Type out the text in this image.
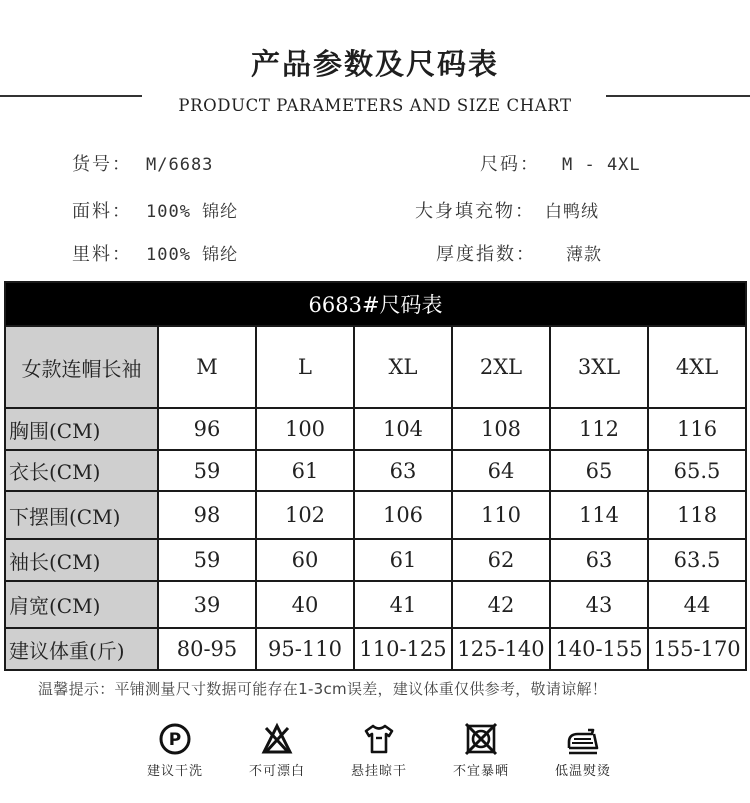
产品参数及尺码表
PRODUCT PARAMETERS AND SIZE CHART
货号： M/6683	尺码： M - 4XL
面料： 100% 锦纶	大身填充物： 白鸭绒
里料： 100% 锦纶	厚度指数： 薄款
6683#尺码表						
女款连帽长袖	M	L	XL	2XL	3XL	4XL
胸围(CM)	96	100	104	108	112	116
衣长(CM)	59	61	63	64	65	65.5
下摆围(CM)	98	102	106	110	114	118
袖长(CM)	59	60	61	62	63	63.5
肩宽(CM)	39	40	41	42	43	44
建议体重(斤)	80-95	95-110	110-125	125-140	140-155	155-170
温馨提示：平铺测量尺寸数据可能存在1-3cm误差，建议体重仅供参考，敬请谅解！
P
建议干洗	不可漂白	悬挂晾干	不宜暴晒	低温熨烫
